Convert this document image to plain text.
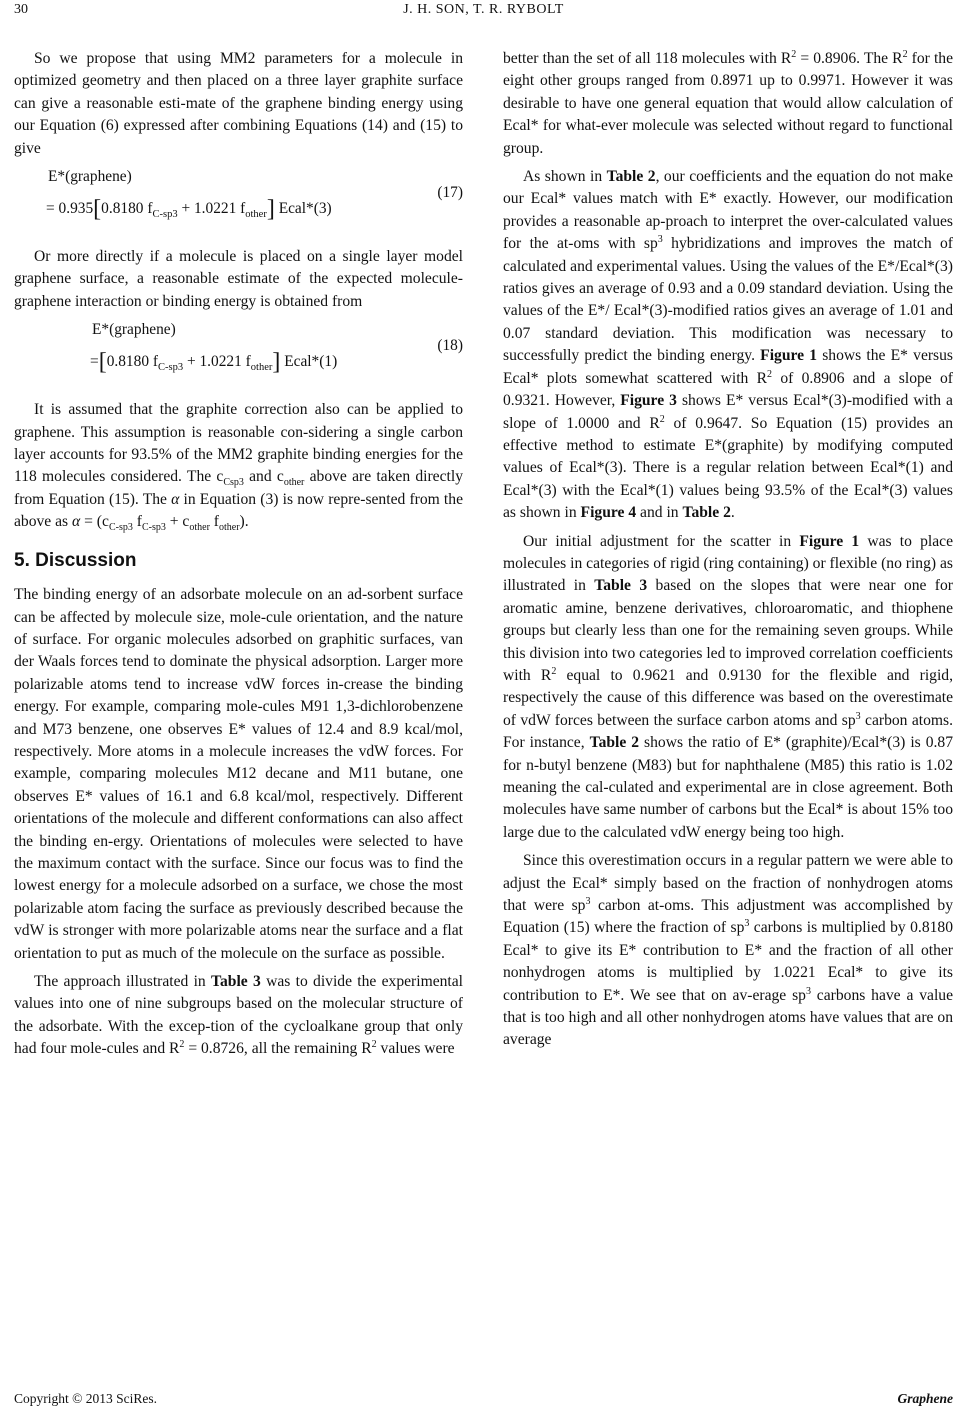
30	J. H. SON, T. R. RYBOLT

So we propose that using MM2 parameters for a molecule in optimized geometry and then placed on a three layer graphite surface can give a reasonable esti-mate of the graphene binding energy using our Equation (6) expressed after combining Equations (14) and (15) to give

E*(graphene)
= 0.935[0.8180 $f_{C-sp3} + 1.0221$ $f_{other}$] Ecal*(3)
(17)

Or more directly if a molecule is placed on a single layer model graphene surface, a reasonable estimate of the expected molecule-graphene interaction or binding energy is obtained from

E*(graphene)
=[0.8180 $f_{C-sp3} + 1.0221$ $f_{other}$] Ecal*(1)
(18)

It is assumed that the graphite correction also can be applied to graphene. This assumption is reasonable con-sidering a single carbon layer accounts for 93.5% of the MM2 graphite binding energies for the 118 molecules considered. The $c_{Csp3}$ and $c_{other}$ above are taken directly from Equation (15). The α in Equation (3) is now repre-sented from the above as $\alpha = (c_{C-sp3}$ $f_{C-sp3} + c_{other}$ $f_{other}$).

5. Discussion

The binding energy of an adsorbate molecule on an ad-sorbent surface can be affected by molecule size, mole-cule orientation, and the nature of surface. For organic molecules adsorbed on graphitic surfaces, van der Waals forces tend to dominate the physical adsorption. Larger more polarizable atoms tend to increase vdW forces in-crease the binding energy. For example, comparing mole-cules M91 1,3-dichlorobenzene and M73 benzene, one observes E* values of 12.4 and 8.9 kcal/mol, respectively. More atoms in a molecule increases the vdW forces. For example, comparing molecules M12 decane and M11 butane, one observes E* values of 16.1 and 6.8 kcal/mol, respectively. Different orientations of the molecule and different conformations can also affect the binding en-ergy. Orientations of molecules were selected to have the maximum contact with the surface. Since our focus was to find the lowest energy for a molecule adsorbed on a surface, we chose the most polarizable atom facing the surface as previously described because the vdW is stronger with more polarizable atoms near the surface and a flat orientation to put as much of the molecule on the surface as possible.

The approach illustrated in Table 3 was to divide the experimental values into one of nine subgroups based on the molecular structure of the adsorbate. With the excep-tion of the cycloalkane group that only had four mole-cules and $R^2 = 0.8726$, all the remaining $R^2$ values were

better than the set of all 118 molecules with $R^2 = 0.8906$. The $R^2$ for the eight other groups ranged from 0.8971 up to 0.9971. However it was desirable to have one general equation that would allow calculation of Ecal* for what-ever molecule was selected without regard to functional group.

As shown in Table 2, our coefficients and the equation do not make our Ecal* values match with E* exactly. However, our modification provides a reasonable ap-proach to interpret the over-calculated values for the at-oms with $sp^3$ hybridizations and improves the match of calculated and experimental values. Using the values of the E*/Ecal*(3) ratios gives an average of 0.93 and a 0.09 standard deviation. Using the values of the E*/ Ecal*(3)-modified ratios gives an average of 1.01 and 0.07 standard deviation. This modification was necessary to successfully predict the binding energy. Figure 1 shows the E* versus Ecal* plots somewhat scattered with $R^2$ of 0.8906 and a slope of 0.9321. However, Figure 3 shows E* versus Ecal*(3)-modified with a slope of 1.0000 and $R^2$ of 0.9647. So Equation (15) provides an effective method to estimate E*(graphite) by modifying computed values of Ecal*(3). There is a regular relation between Ecal*(1) and Ecal*(3) with the Ecal*(1) values being 93.5% of the Ecal*(3) values as shown in Figure 4 and in Table 2.

Our initial adjustment for the scatter in Figure 1 was to place molecules in categories of rigid (ring containing) or flexible (no ring) as illustrated in Table 3 based on the slopes that were near one for aromatic amine, benzene derivatives, chloroaromatic, and thiophene groups but clearly less than one for the remaining seven groups. While this division into two categories led to improved correlation coefficients with $R^2$ equal to 0.9621 and 0.9130 for the flexible and rigid, respectively the cause of this difference was based on the overestimate of vdW forces between the surface carbon atoms and $sp^3$ carbon atoms. For instance, Table 2 shows the ratio of E* (graphite)/Ecal*(3) is 0.87 for n-butyl benzene (M83) but for naphthalene (M85) this ratio is 1.02 meaning the cal-culated and experimental are in close agreement. Both molecules have same number of carbons but the Ecal* is about 15% too large due to the calculated vdW energy being too high.

Since this overestimation occurs in a regular pattern we were able to adjust the Ecal* simply based on the fraction of nonhydrogen atoms that were $sp^3$ carbon at-oms. This adjustment was accomplished by Equation (15) where the fraction of $sp^3$ carbons is multiplied by 0.8180 Ecal* to give its E* contribution to E* and the fraction of all other nonhydrogen atoms is multiplied by 1.0221 Ecal* to give its contribution to E*. We see that on av-erage $sp^3$ carbons have a value that is too high and all other nonhydrogen atoms have values that are on average

Copyright © 2013 SciRes.	Graphene
